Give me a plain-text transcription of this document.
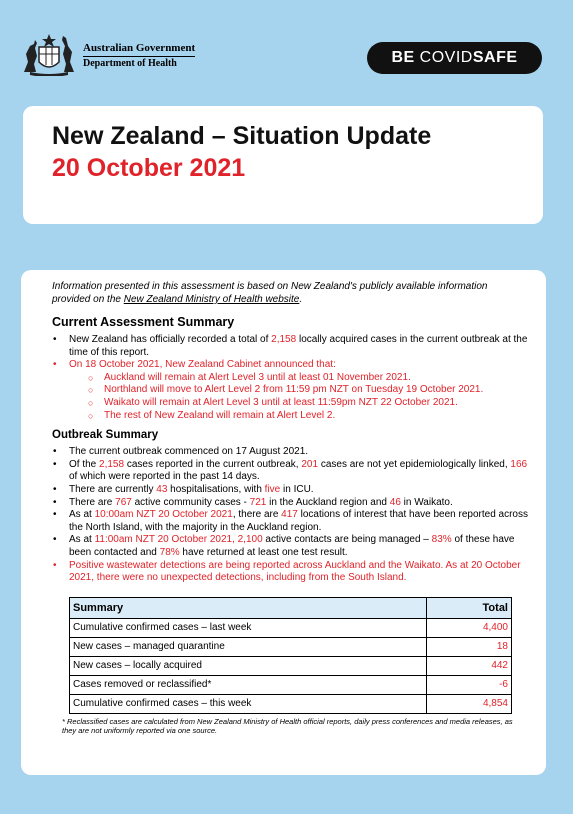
Australian Government
Department of Health	BE COVIDSAFE
New Zealand – Situation Update
20 October 2021

Information presented in this assessment is based on New Zealand's publicly available information provided on the New Zealand Ministry of Health website.

Current Assessment Summary
• New Zealand has officially recorded a total of 2,158 locally acquired cases in the current outbreak at the time of this report.
• On 18 October 2021, New Zealand Cabinet announced that:
○ Auckland will remain at Alert Level 3 until at least 01 November 2021.
○ Northland will move to Alert Level 2 from 11:59 pm NZT on Tuesday 19 October 2021.
○ Waikato will remain at Alert Level 3 until at least 11:59pm NZT 22 October 2021.
○ The rest of New Zealand will remain at Alert Level 2.
Outbreak Summary
• The current outbreak commenced on 17 August 2021.
• Of the 2,158 cases reported in the current outbreak, 201 cases are not yet epidemiologically linked, 166 of which were reported in the past 14 days.
• There are currently 43 hospitalisations, with five in ICU.
• There are 767 active community cases - 721 in the Auckland region and 46 in Waikato.
• As at 10:00am NZT 20 October 2021, there are 417 locations of interest that have been reported across the North Island, with the majority in the Auckland region.
• As at 11:00am NZT 20 October 2021, 2,100 active contacts are being managed – 83% of these have been contacted and 78% have returned at least one test result.
• Positive wastewater detections are being reported across Auckland and the Waikato. As at 20 October 2021, there were no unexpected detections, including from the South Island.
Summary	Total
Cumulative confirmed cases – last week	4,400
New cases – managed quarantine	18
New cases – locally acquired	442
Cases removed or reclassified*	-6
Cumulative confirmed cases – this week	4,854
* Reclassified cases are calculated from New Zealand Ministry of Health official reports, daily press conferences and media releases, as they are not uniformly reported via one source.
